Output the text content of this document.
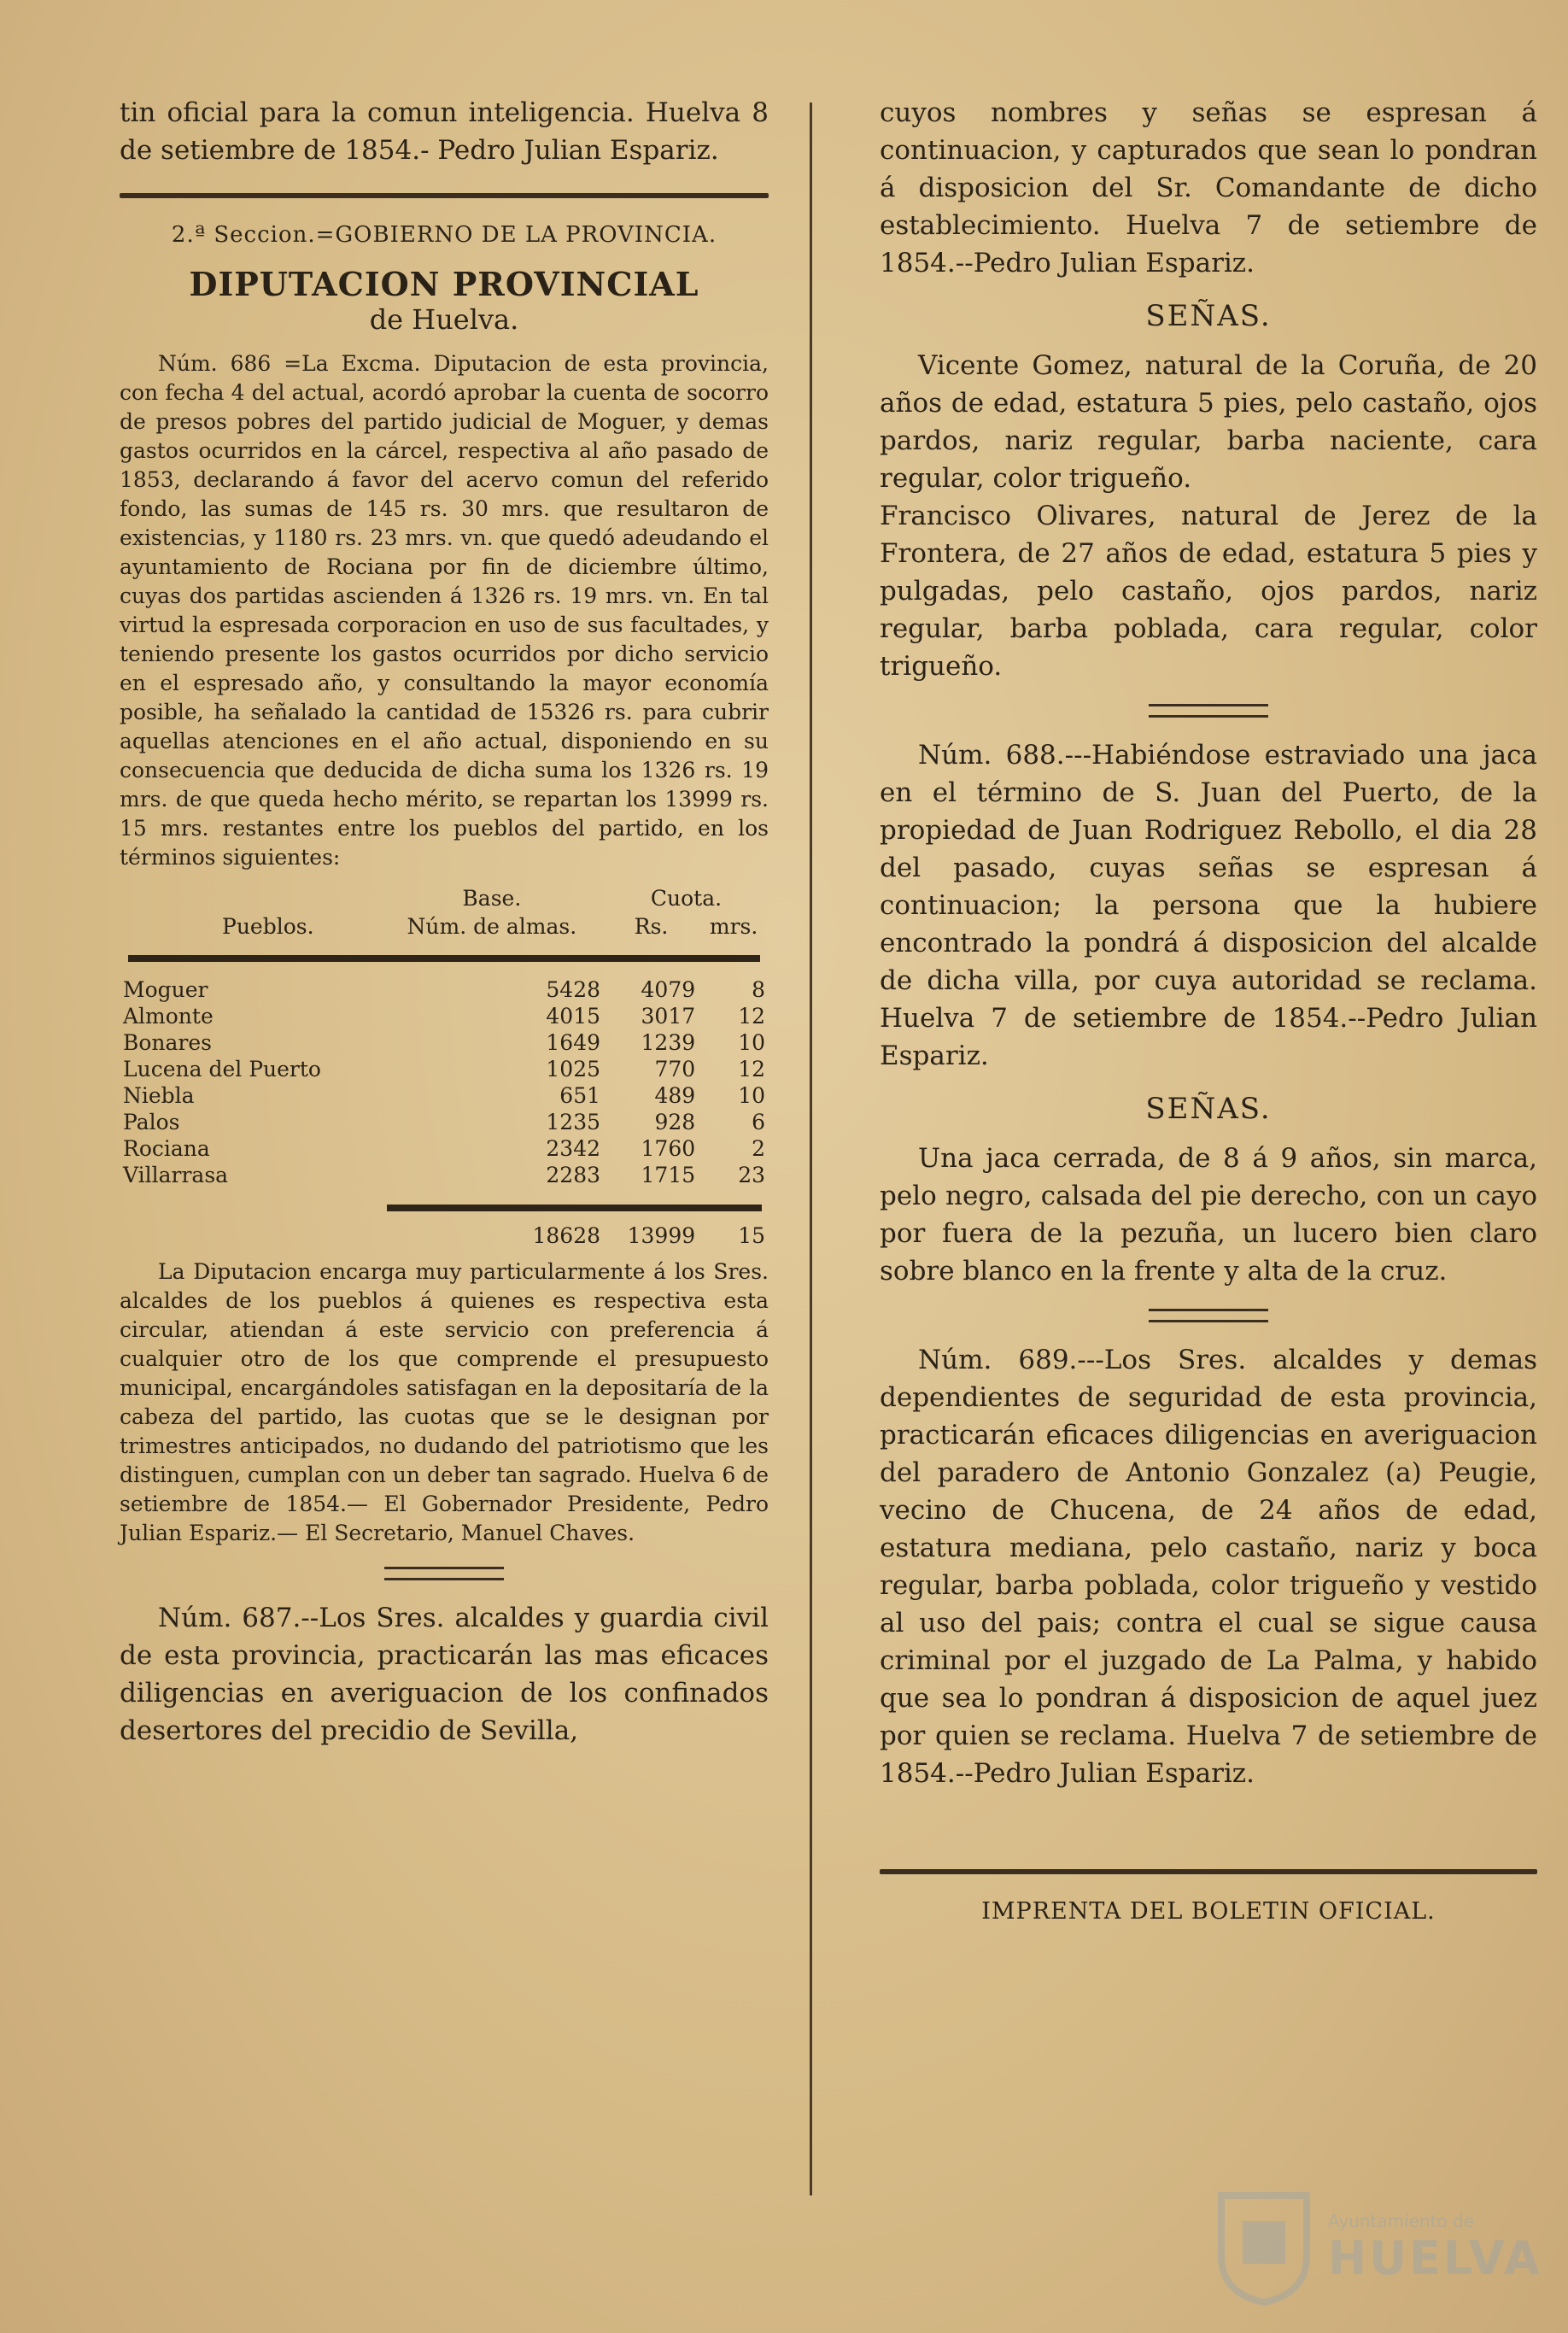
tin oficial para la comun inteligencia. Huelva 8 de setiembre de 1854.- Pedro Julian Espariz.

2.ª Seccion.=GOBIERNO DE LA PROVINCIA.
DIPUTACION PROVINCIAL
de Huelva.

Núm. 686 =La Excma. Diputacion de esta provincia, con fecha 4 del actual, acordó aprobar la cuenta de socorro de presos pobres del partido judicial de Moguer, y demas gastos ocurridos en la cárcel, respectiva al año pasado de 1853, declarando á favor del acervo comun del referido fondo, las sumas de 145 rs. 30 mrs. que resultaron de existencias, y 1180 rs. 23 mrs. vn. que quedó adeudando el ayuntamiento de Rociana por fin de diciembre último, cuyas dos partidas ascienden á 1326 rs. 19 mrs. vn. En tal virtud la espresada corporacion en uso de sus facultades, y teniendo presente los gastos ocurridos por dicho servicio en el espresado año, y consultando la mayor economía posible, ha señalado la cantidad de 15326 rs. para cubrir aquellas atenciones en el año actual, disponiendo en su consecuencia que deducida de dicha suma los 1326 rs. 19 mrs. de que queda hecho mérito, se repartan los 13999 rs. 15 mrs. restantes entre los pueblos del partido, en los términos siguientes:

Pueblos.	Base.	Cuota.	
	Núm. de almas.	Rs.	mrs.

Moguer	5428	4079	8
Almonte	4015	3017	12
Bonares	1649	1239	10
Lucena del Puerto	1025	770	12
Niebla	651	489	10
Palos	1235	928	6
Rociana	2342	1760	2
Villarrasa	2283	1715	23

	18628	13999	15

La Diputacion encarga muy particularmente á los Sres. alcaldes de los pueblos á quienes es respectiva esta circular, atiendan á este servicio con preferencia á cualquier otro de los que comprende el presupuesto municipal, encargándoles satisfagan en la depositaría de la cabeza del partido, las cuotas que se le designan por trimestres anticipados, no dudando del patriotismo que les distinguen, cumplan con un deber tan sagrado. Huelva 6 de setiembre de 1854.— El Gobernador Presidente, Pedro Julian Espariz.— El Secretario, Manuel Chaves.

Núm. 687.--Los Sres. alcaldes y guardia civil de esta provincia, practicarán las mas eficaces diligencias en averiguacion de los confinados desertores del precidio de Sevilla,

cuyos nombres y señas se espresan á continuacion, y capturados que sean lo pondran á disposicion del Sr. Comandante de dicho establecimiento. Huelva 7 de setiembre de 1854.--Pedro Julian Espariz.

SEÑAS.

Vicente Gomez, natural de la Coruña, de 20 años de edad, estatura 5 pies, pelo castaño, ojos pardos, nariz regular, barba naciente, cara regular, color trigueño.

Francisco Olivares, natural de Jerez de la Frontera, de 27 años de edad, estatura 5 pies y pulgadas, pelo castaño, ojos pardos, nariz regular, barba poblada, cara regular, color trigueño.

Núm. 688.---Habiéndose estraviado una jaca en el término de S. Juan del Puerto, de la propiedad de Juan Rodriguez Rebollo, el dia 28 del pasado, cuyas señas se espresan á continuacion; la persona que la hubiere encontrado la pondrá á disposicion del alcalde de dicha villa, por cuya autoridad se reclama. Huelva 7 de setiembre de 1854.--Pedro Julian Espariz.

SEÑAS.

Una jaca cerrada, de 8 á 9 años, sin marca, pelo negro, calsada del pie derecho, con un cayo por fuera de la pezuña, un lucero bien claro sobre blanco en la frente y alta de la cruz.

Núm. 689.---Los Sres. alcaldes y demas dependientes de seguridad de esta provincia, practicarán eficaces diligencias en averiguacion del paradero de Antonio Gonzalez (a) Peugie, vecino de Chucena, de 24 años de edad, estatura mediana, pelo castaño, nariz y boca regular, barba poblada, color trigueño y vestido al uso del pais; contra el cual se sigue causa criminal por el juzgado de La Palma, y habido que sea lo pondran á disposicion de aquel juez por quien se reclama. Huelva 7 de setiembre de 1854.--Pedro Julian Espariz.

IMPRENTA DEL BOLETIN OFICIAL.
Ayuntamiento de
HUELVA
